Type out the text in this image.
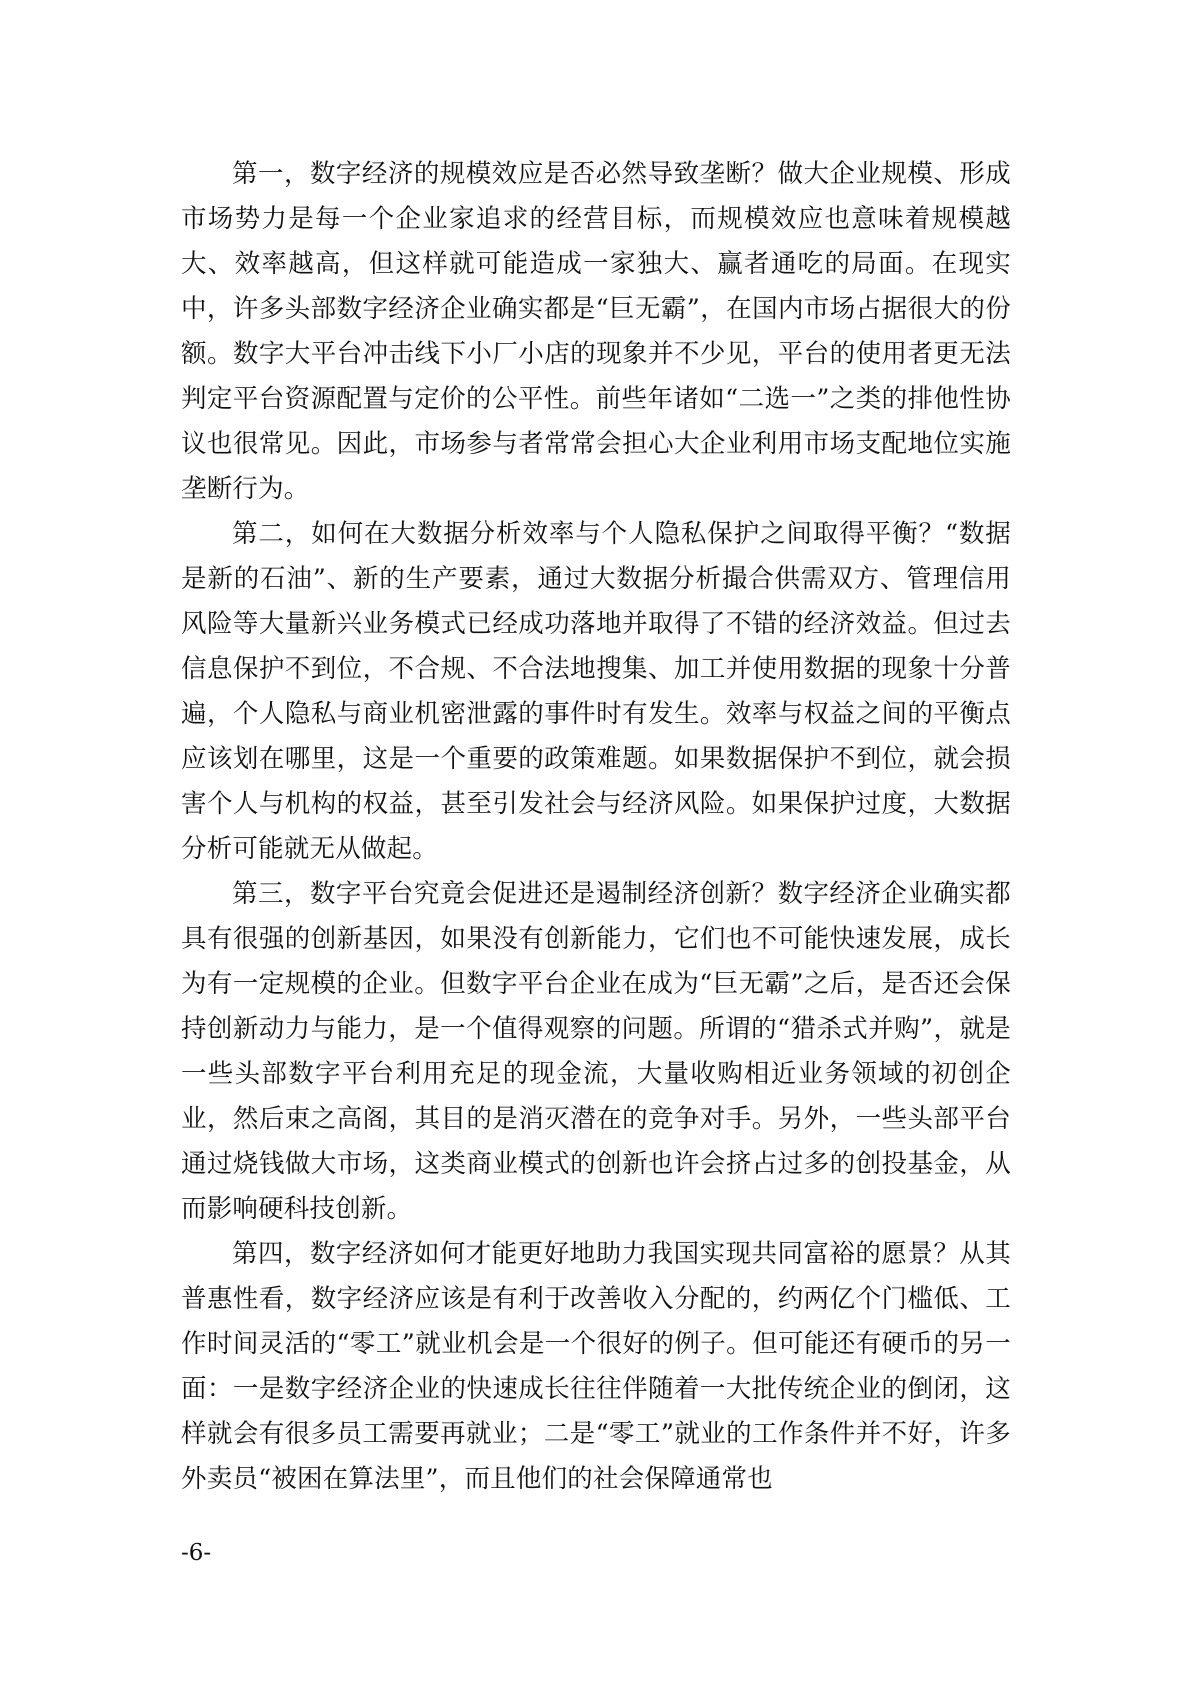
第一，数字经济的规模效应是否必然导致垄断？做大企业规模、形成市场势力是每一个企业家追求的经营目标，而规模效应也意味着规模越大、效率越高，但这样就可能造成一家独大、赢者通吃的局面。在现实中，许多头部数字经济企业确实都是“巨无霸”，在国内市场占据很大的份额。数字大平台冲击线下小厂小店的现象并不少见，平台的使用者更无法判定平台资源配置与定价的公平性。前些年诸如“二选一”之类的排他性协议也很常见。因此，市场参与者常常会担心大企业利用市场支配地位实施垄断行为。

第二，如何在大数据分析效率与个人隐私保护之间取得平衡？“数据是新的石油”、新的生产要素，通过大数据分析撮合供需双方、管理信用风险等大量新兴业务模式已经成功落地并取得了不错的经济效益。但过去信息保护不到位，不合规、不合法地搜集、加工并使用数据的现象十分普遍，个人隐私与商业机密泄露的事件时有发生。效率与权益之间的平衡点应该划在哪里，这是一个重要的政策难题。如果数据保护不到位，就会损害个人与机构的权益，甚至引发社会与经济风险。如果保护过度，大数据分析可能就无从做起。

第三，数字平台究竟会促进还是遏制经济创新？数字经济企业确实都具有很强的创新基因，如果没有创新能力，它们也不可能快速发展，成长为有一定规模的企业。但数字平台企业在成为“巨无霸”之后，是否还会保持创新动力与能力，是一个值得观察的问题。所谓的“猎杀式并购”，就是一些头部数字平台利用充足的现金流，大量收购相近业务领域的初创企业，然后束之高阁，其目的是消灭潜在的竞争对手。另外，一些头部平台通过烧钱做大市场，这类商业模式的创新也许会挤占过多的创投基金，从而影响硬科技创新。

第四，数字经济如何才能更好地助力我国实现共同富裕的愿景？从其普惠性看，数字经济应该是有利于改善收入分配的，约两亿个门槛低、工作时间灵活的“零工”就业机会是一个很好的例子。但可能还有硬币的另一面：一是数字经济企业的快速成长往往伴随着一大批传统企业的倒闭，这样就会有很多员工需要再就业；二是“零工”就业的工作条件并不好，许多外卖员“被困在算法里”，而且他们的社会保障通常也

-6-
